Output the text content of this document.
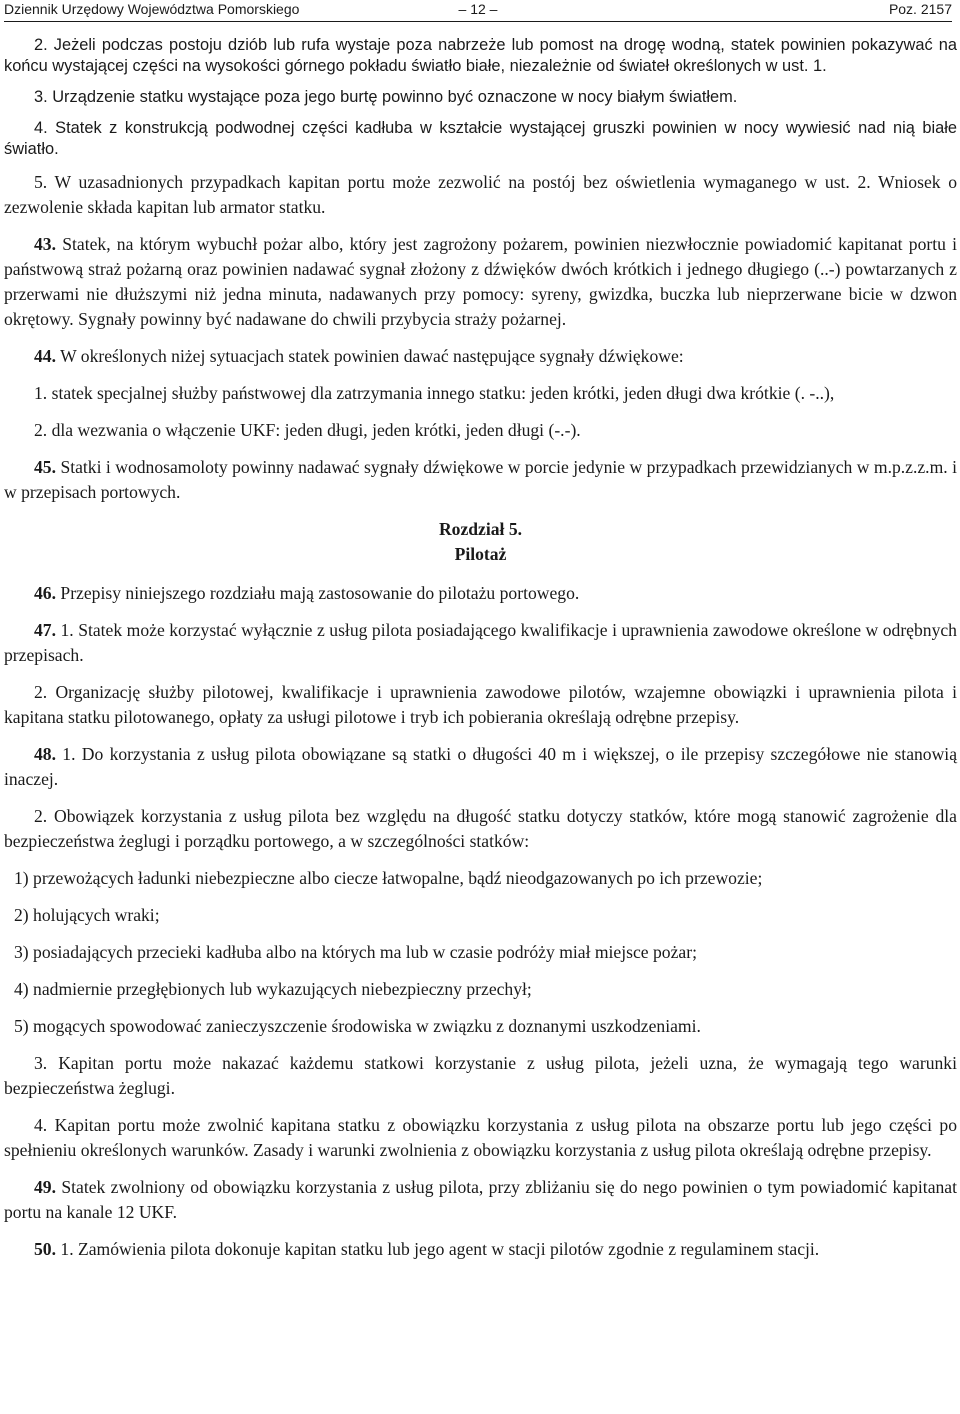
Dziennik Urzędowy Województwa Pomorskiego	– 12 –	Poz. 2157

2. Jeżeli podczas postoju dziób lub rufa wystaje poza nabrzeże lub pomost na drogę wodną, statek powinien pokazywać na końcu wystającej części na wysokości górnego pokładu światło białe, niezależnie od świateł określonych w ust. 1.

3. Urządzenie statku wystające poza jego burtę powinno być oznaczone w nocy białym światłem.

4. Statek z konstrukcją podwodnej części kadłuba w kształcie wystającej gruszki powinien w nocy wywiesić nad nią białe światło.

5. W uzasadnionych przypadkach kapitan portu może zezwolić na postój bez oświetlenia wymaganego w ust. 2. Wniosek o zezwolenie składa kapitan lub armator statku.

43. Statek, na którym wybuchł pożar albo, który jest zagrożony pożarem, powinien niezwłocznie powiadomić kapitanat portu i państwową straż pożarną oraz powinien nadawać sygnał złożony z dźwięków dwóch krótkich i jednego długiego (..-) powtarzanych z przerwami nie dłuższymi niż jedna minuta, nadawanych przy pomocy: syreny, gwizdka, buczka lub nieprzerwane bicie w dzwon okrętowy. Sygnały powinny być nadawane do chwili przybycia straży pożarnej.

44. W określonych niżej sytuacjach statek powinien dawać następujące sygnały dźwiękowe:

1. statek specjalnej służby państwowej dla zatrzymania innego statku: jeden krótki, jeden długi dwa krótkie (. -..),

2. dla wezwania o włączenie UKF: jeden długi, jeden krótki, jeden długi (-.-).

45. Statki i wodnosamoloty powinny nadawać sygnały dźwiękowe w porcie jedynie w przypadkach przewidzianych w m.p.z.z.m. i w przepisach portowych.

Rozdział 5.
Pilotaż

46. Przepisy niniejszego rozdziału mają zastosowanie do pilotażu portowego.

47. 1. Statek może korzystać wyłącznie z usług pilota posiadającego kwalifikacje i uprawnienia zawodowe określone w odrębnych przepisach.

2. Organizację służby pilotowej, kwalifikacje i uprawnienia zawodowe pilotów, wzajemne obowiązki i uprawnienia pilota i kapitana statku pilotowanego, opłaty za usługi pilotowe i tryb ich pobierania określają odrębne przepisy.

48. 1. Do korzystania z usług pilota obowiązane są statki o długości 40 m i większej, o ile przepisy szczegółowe nie stanowią inaczej.

2. Obowiązek korzystania z usług pilota bez względu na długość statku dotyczy statków, które mogą stanowić zagrożenie dla bezpieczeństwa żeglugi i porządku portowego, a w szczególności statków:

1) przewożących ładunki niebezpieczne albo ciecze łatwopalne, bądź nieodgazowanych po ich przewozie;

2) holujących wraki;

3) posiadających przecieki kadłuba albo na których ma lub w czasie podróży miał miejsce pożar;

4) nadmiernie przegłębionych lub wykazujących niebezpieczny przechył;

5) mogących spowodować zanieczyszczenie środowiska w związku z doznanymi uszkodzeniami.

3. Kapitan portu może nakazać każdemu statkowi korzystanie z usług pilota, jeżeli uzna, że wymagają tego warunki bezpieczeństwa żeglugi.

4. Kapitan portu może zwolnić kapitana statku z obowiązku korzystania z usług pilota na obszarze portu lub jego części po spełnieniu określonych warunków. Zasady i warunki zwolnienia z obowiązku korzystania z usług pilota określają odrębne przepisy.

49. Statek zwolniony od obowiązku korzystania z usług pilota, przy zbliżaniu się do nego powinien o tym powiadomić kapitanat portu na kanale 12 UKF.

50. 1. Zamówienia pilota dokonuje kapitan statku lub jego agent w stacji pilotów zgodnie z regulaminem stacji.
